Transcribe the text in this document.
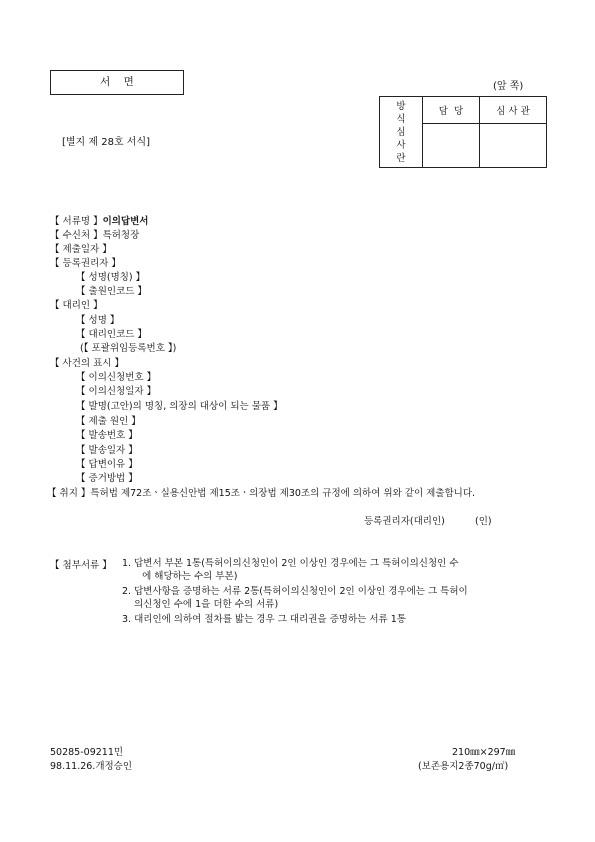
서    면	(앞 쪽)
[별지 제 28호 서식]
방
식
심
사
란	담  당	심 사 관

【 서류명 】이의답변서
【 수신처 】특허청장
【 제출일자 】
【 등록권리자 】
【 성명(명칭) 】
【 출원인코드 】
【 대리인 】
【 성명 】
【 대리인코드 】
(【 포괄위임등록번호 】)
【 사건의 표시 】
【 이의신청번호 】
【 이의신청일자 】
【 발명(고안)의 명칭, 의장의 대상이 되는 물품 】
【 제출 원인 】
【 발송번호 】
【 발송일자 】
【 답변이유 】
【 증거방법 】
【 취지 】특허법 제72조ㆍ실용신안법 제15조ㆍ의장법 제30조의 규정에 의하여 위와 같이 제출합니다.
등록권리자(대리인)          (인)
【 첨부서류 】 1. 답변서 부본 1통(특허이의신청인이 2인 이상인 경우에는 그 특허이의신청인 수
에 해당하는 수의 부본)
2. 답변사항을 증명하는 서류 2통(특허이의신청인이 2인 이상인 경우에는 그 특허이
의신청인 수에 1을 더한 수의 서류)
3. 대리인에 의하여 절차를 밟는 경우 그 대리권을 증명하는 서류 1통
50285-09211민
98.11.26.개정승인
210㎜×297㎜
(보존용지2종70g/㎡)
